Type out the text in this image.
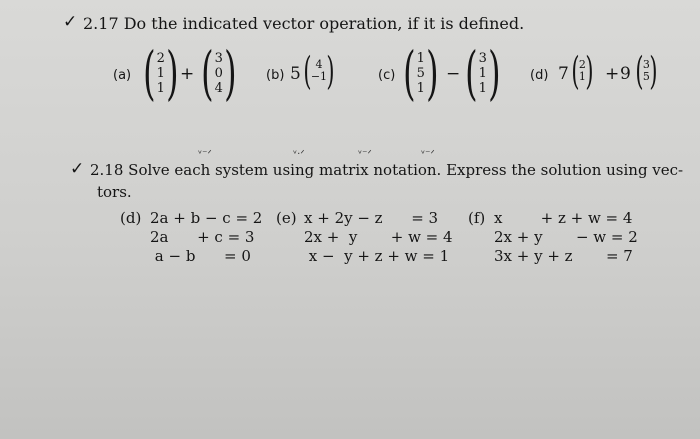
✓ 2.17 Do the indicated vector operation, if it is defined.
(a) ( 2
1
1 ) + ( 3
0
4 ) (b) 5 ( 4
−1 )	(c) ( 1
5
1 ) − ( 3
1
1 ) (d) 7 ( 2
1 ) + 9 ( 3
5 )
ᵛ⁻ᐟ	ᵛ·ᐟ	ᵛ⁻ᐟ	ᵛ⁻ᐟ
✓ 2.18 Solve each system using matrix notation. Express the solution using vec-
tors.
(d) 2a + b − c = 2
2a      + c = 3
a − b      = 0
(e) x + 2y − z      = 3
2x +  y       + w = 4
x −  y + z + w = 1
(f) x        + z + w = 4
2x + y       − w = 2
3x + y + z       = 7
